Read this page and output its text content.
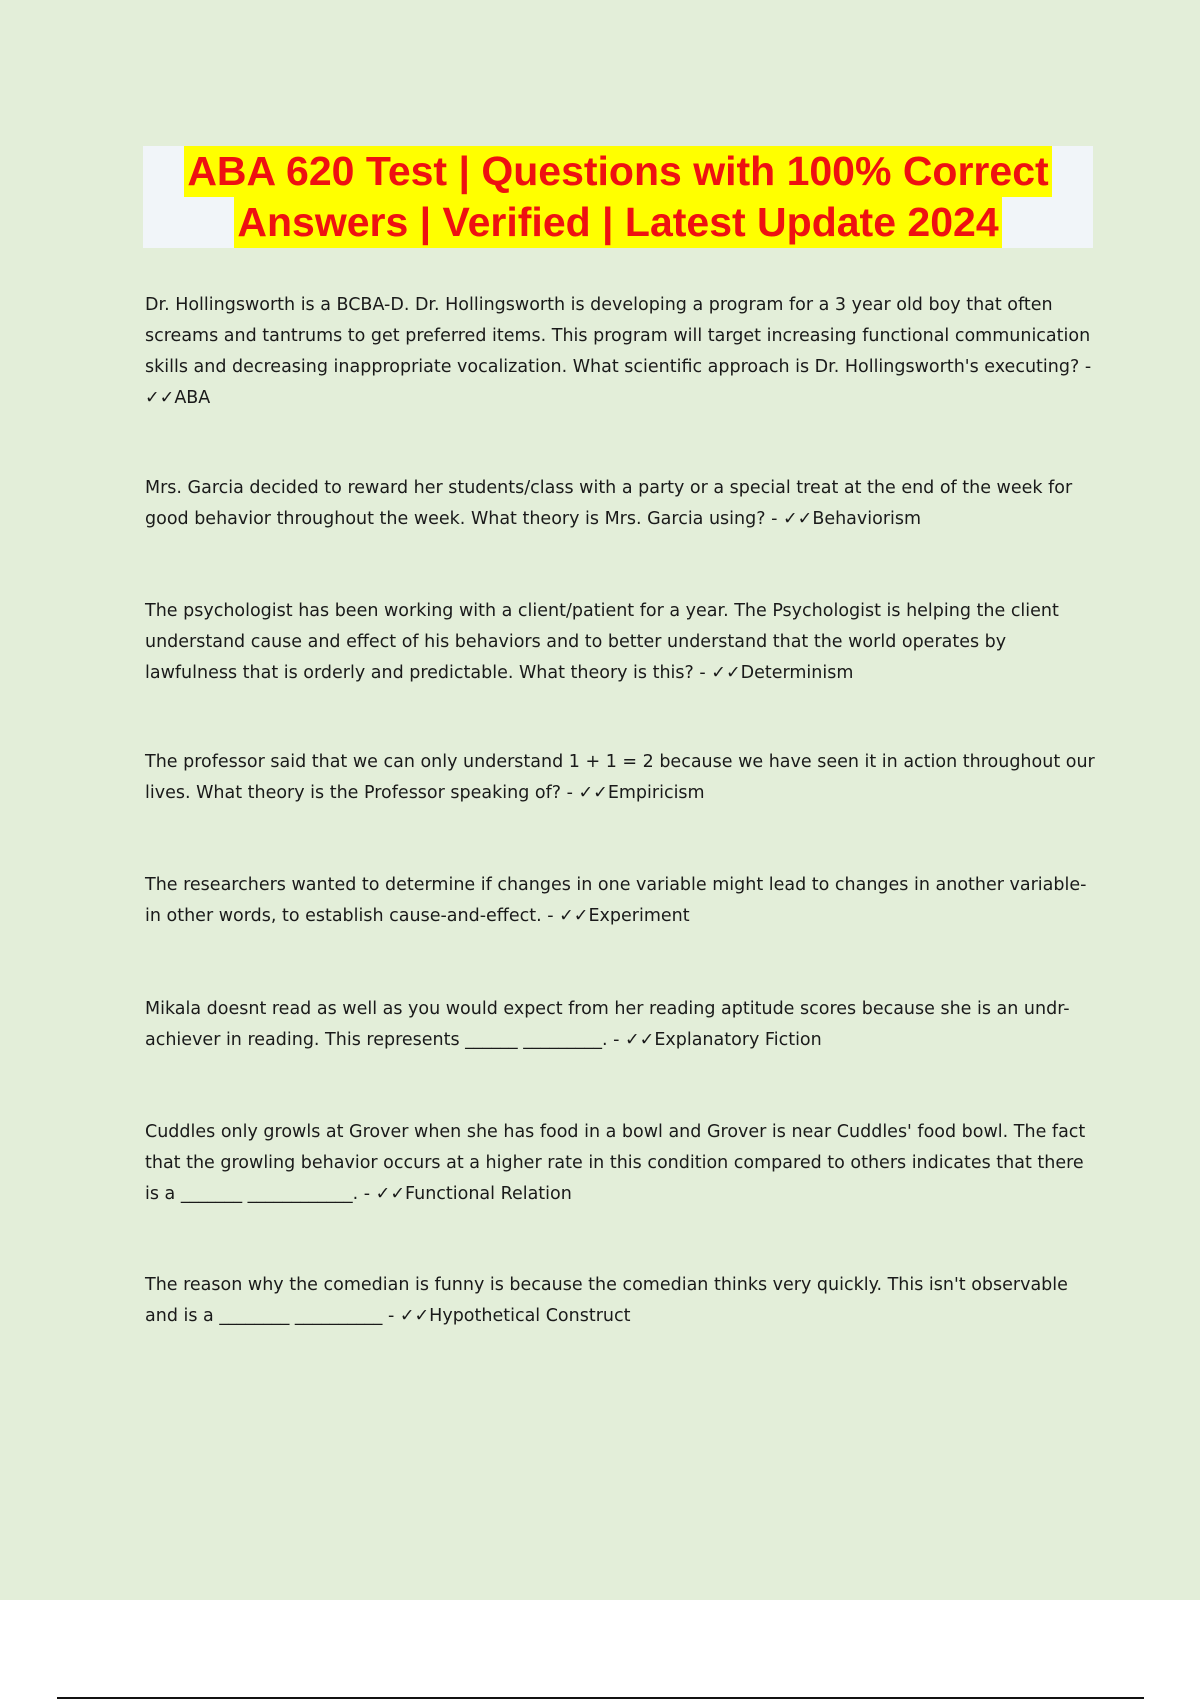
ABA 620 Test | Questions with 100% Correct
Answers | Verified | Latest Update 2024

Dr. Hollingsworth is a BCBA-D. Dr. Hollingsworth is developing a program for a 3 year old boy that often screams and tantrums to get preferred items. This program will target increasing functional communication skills and decreasing inappropriate vocalization. What scientific approach is Dr. Hollingsworth's executing? - ✓✓ABA

Mrs. Garcia decided to reward her students/class with a party or a special treat at the end of the week for good behavior throughout the week. What theory is Mrs. Garcia using? - ✓✓Behaviorism

The psychologist has been working with a client/patient for a year. The Psychologist is helping the client understand cause and effect of his behaviors and to better understand that the world operates by lawfulness that is orderly and predictable. What theory is this? - ✓✓Determinism

The professor said that we can only understand 1 + 1 = 2 because we have seen it in action throughout our lives. What theory is the Professor speaking of? - ✓✓Empiricism

The researchers wanted to determine if changes in one variable might lead to changes in another variable- in other words, to establish cause-and-effect. - ✓✓Experiment

Mikala doesnt read as well as you would expect from her reading aptitude scores because she is an undr-achiever in reading. This represents ______ _________. - ✓✓Explanatory Fiction

Cuddles only growls at Grover when she has food in a bowl and Grover is near Cuddles' food bowl. The fact that the growling behavior occurs at a higher rate in this condition compared to others indicates that there is a _______ ____________. - ✓✓Functional Relation

The reason why the comedian is funny is because the comedian thinks very quickly. This isn't observable and is a ________ __________ - ✓✓Hypothetical Construct
